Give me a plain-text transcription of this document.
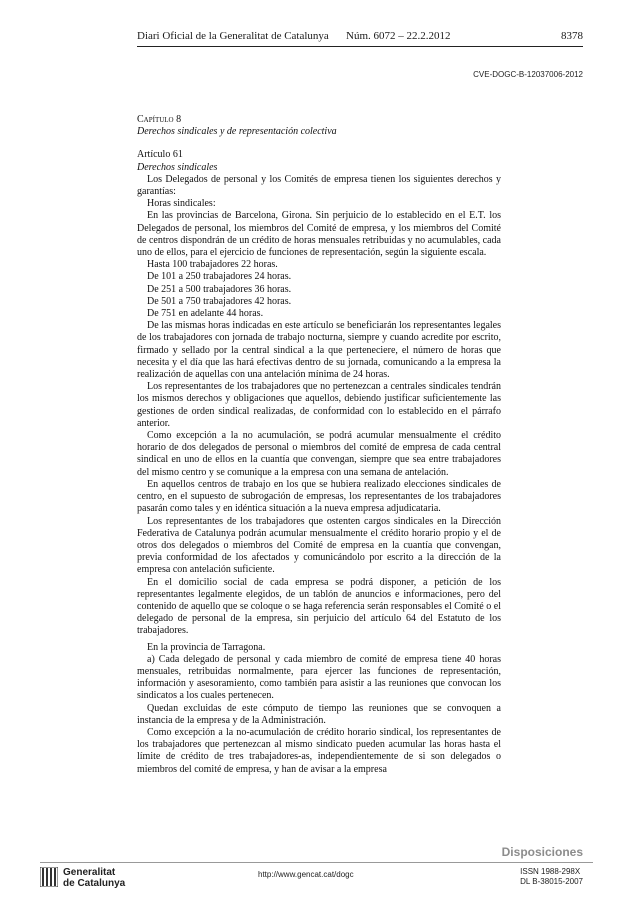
Diari Oficial de la Generalitat de Catalunya Núm. 6072 – 22.2.2012	8378
CVE-DOGC-B-12037006-2012
Capítulo 8
Derechos sindicales y de representación colectiva
Artículo 61
Derechos sindicales

Los Delegados de personal y los Comités de empresa tienen los siguientes derechos y garantías:

Horas sindicales:

En las provincias de Barcelona, Girona. Sin perjuicio de lo establecido en el E.T. los Delegados de personal, los miembros del Comité de empresa, y los miembros del Comité de centros dispondrán de un crédito de horas mensuales retribuidas y no acumulables, cada uno de ellos, para el ejercicio de funciones de representación, según la siguiente escala.

Hasta 100 trabajadores 22 horas.

De 101 a 250 trabajadores 24 horas.

De 251 a 500 trabajadores 36 horas.

De 501 a 750 trabajadores 42 horas.

De 751 en adelante 44 horas.

De las mismas horas indicadas en este artículo se beneficiarán los representantes legales de los trabajadores con jornada de trabajo nocturna, siempre y cuando acredite por escrito, firmado y sellado por la central sindical a la que perteneciere, el número de horas que necesita y el día que las hará efectivas dentro de su jornada, comunicando a la empresa la realización de aquellas con una antelación mínima de 24 horas.

Los representantes de los trabajadores que no pertenezcan a centrales sindicales tendrán los mismos derechos y obligaciones que aquellos, debiendo justificar suficientemente las gestiones de orden sindical realizadas, de conformidad con lo establecido en el párrafo anterior.

Como excepción a la no acumulación, se podrá acumular mensualmente el crédito horario de dos delegados de personal o miembros del comité de empresa de cada central sindical en uno de ellos en la cuantía que convengan, siempre que sea entre trabajadores del mismo centro y se comunique a la empresa con una semana de antelación.

En aquellos centros de trabajo en los que se hubiera realizado elecciones sindicales de centro, en el supuesto de subrogación de empresas, los representantes de los trabajadores pasarán como tales y en idéntica situación a la nueva empresa adjudicataria.

Los representantes de los trabajadores que ostenten cargos sindicales en la Dirección Federativa de Catalunya podrán acumular mensualmente el crédito horario propio y el de otros dos delegados o miembros del Comité de empresa en la cuantía que convengan, previa conformidad de los afectados y comunicándolo por escrito a la dirección de la empresa con antelación suficiente.

En el domicilio social de cada empresa se podrá disponer, a petición de los representantes legalmente elegidos, de un tablón de anuncios e informaciones, pero del contenido de aquello que se coloque o se haga referencia serán responsables el Comité o el delegado de personal de la empresa, sin perjuicio del artículo 64 del Estatuto de los trabajadores.

En la provincia de Tarragona.

a) Cada delegado de personal y cada miembro de comité de empresa tiene 40 horas mensuales, retribuidas normalmente, para ejercer las funciones de representación, información y asesoramiento, como también para asistir a las reuniones que convocan los sindicatos a los cuales pertenecen.

Quedan excluidas de este cómputo de tiempo las reuniones que se convoquen a instancia de la empresa y de la Administración.

Como excepción a la no-acumulación de crédito horario sindical, los representantes de los trabajadores que pertenezcan al mismo sindicato pueden acumular las horas hasta el límite de crédito de tres trabajadores-as, independientemente de si son delegados o miembros del comité de empresa, y han de avisar a la empresa

Disposiciones
Generalitat
de Catalunya
http://www.gencat.cat/dogc	ISSN 1988-298X
DL B-38015-2007
